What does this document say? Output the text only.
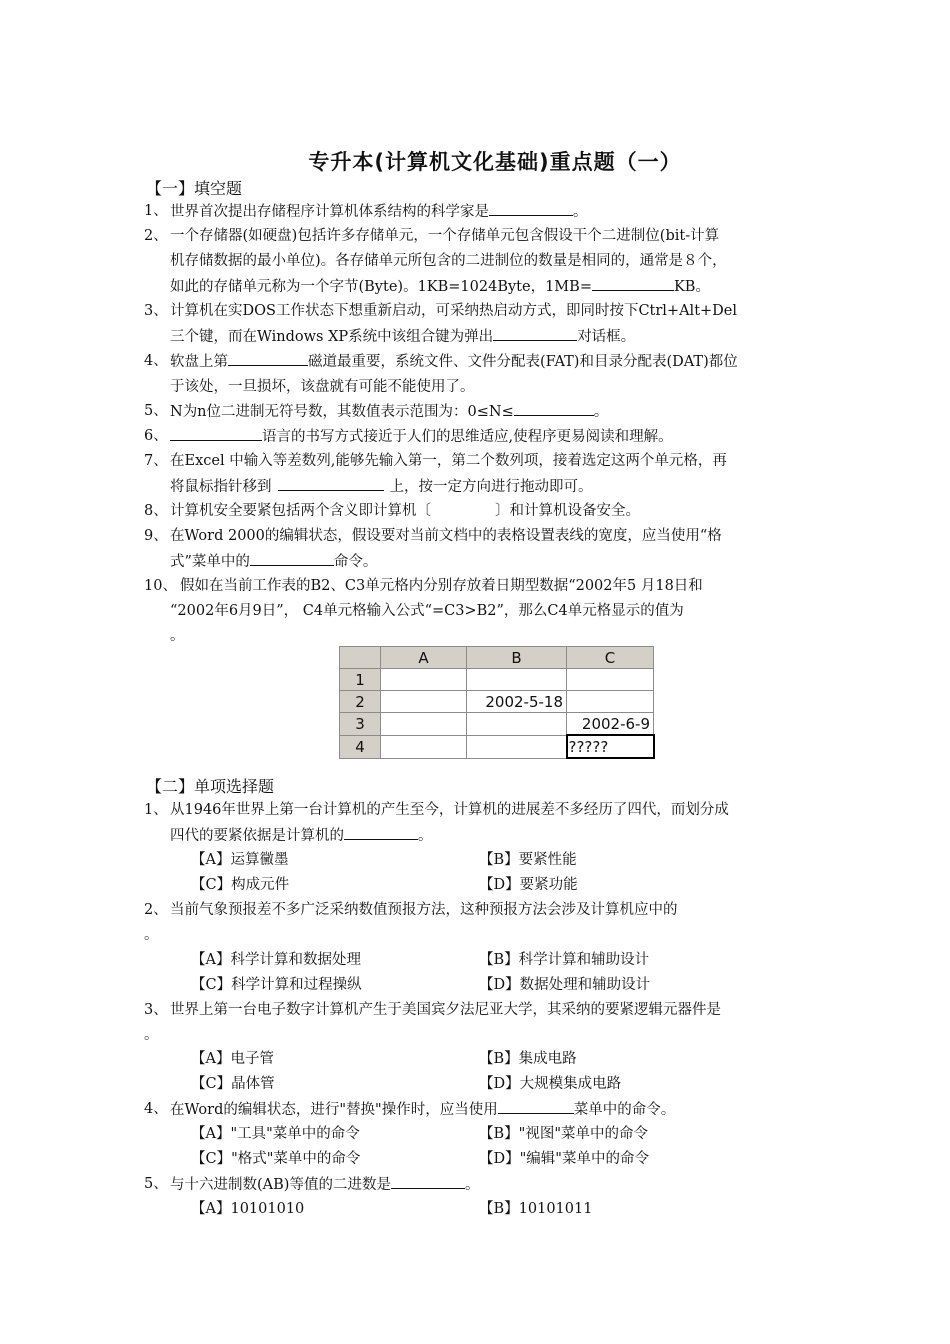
专升本(计算机文化基础)重点题（一）
【一】填空题
1、 世界首次提出存储程序计算机体系结构的科学家是	。
2、 一个存储器(如硬盘)包括许多存储单元，一个存储单元包含假设干个二进制位(bit-计算
机存储数据的最小单位)。各存储单元所包含的二进制位的数量是相同的，通常是８个，
如此的存储单元称为一个字节(Byte)。1KB=1024Byte，1MB=	KB。
3、 计算机在实DOS工作状态下想重新启动，可采纳热启动方式，即同时按下Ctrl+Alt+Del
三个键，而在Windows XP系统中该组合键为弹出	对话框。
4、 软盘上第	磁道最重要，系统文件、文件分配表(FAT)和目录分配表(DAT)都位
于该处，一旦损坏，该盘就有可能不能使用了。
5、 N为n位二进制无符号数，其数值表示范围为：0≤N≤	。
6、	语言的书写方式接近于人们的思维适应,使程序更易阅读和理解。
7、 在Excel 中输入等差数列,能够先输入第一，第二个数列项，接着选定这两个单元格，再
将鼠标指针移到	上，按一定方向进行拖动即可。
8、 计算机安全要紧包括两个含义即计算机〔	〕和计算机设备安全。
9、 在Word 2000的编辑状态，假设要对当前文档中的表格设置表线的宽度，应当使用“格
式”菜单中的	命令。
10、 假如在当前工作表的B2、C3单元格内分别存放着日期型数据“2002年5 月18日和
“2002年6月9日”， C4单元格输入公式“=C3>B2”，那么C4单元格显示的值为
。
	A	B	C
1			
2		2002-5-18	
3			2002-6-9
4			?????
【二】单项选择题
1、 从1946年世界上第一台计算机的产生至今，计算机的进展差不多经历了四代，而划分成
四代的要紧依据是计算机的	。
【A】运算黴墨	【B】要紧性能
【C】构成元件	【D】要紧功能
2、 当前气象预报差不多广泛采纳数值预报方法，这种预报方法会涉及计算机应中的
。
【A】科学计算和数据处理	【B】科学计算和辅助设计
【C】科学计算和过程操纵	【D】数据处理和辅助设计
3、 世界上第一台电子数字计算机产生于美国宾夕法尼亚大学，其采纳的要紧逻辑元器件是
。
【A】电子管	【B】集成电路
【C】晶体管	【D】大规模集成电路
4、 在Word的编辑状态，进行"替换"操作时，应当使用	菜单中的命令。
【A】"工具"菜单中的命令	【B】"视图"菜单中的命令
【C】"格式"菜单中的命令	【D】"编辑"菜单中的命令
5、 与十六进制数(AB)等值的二进数是	。
【A】10101010	【B】10101011
